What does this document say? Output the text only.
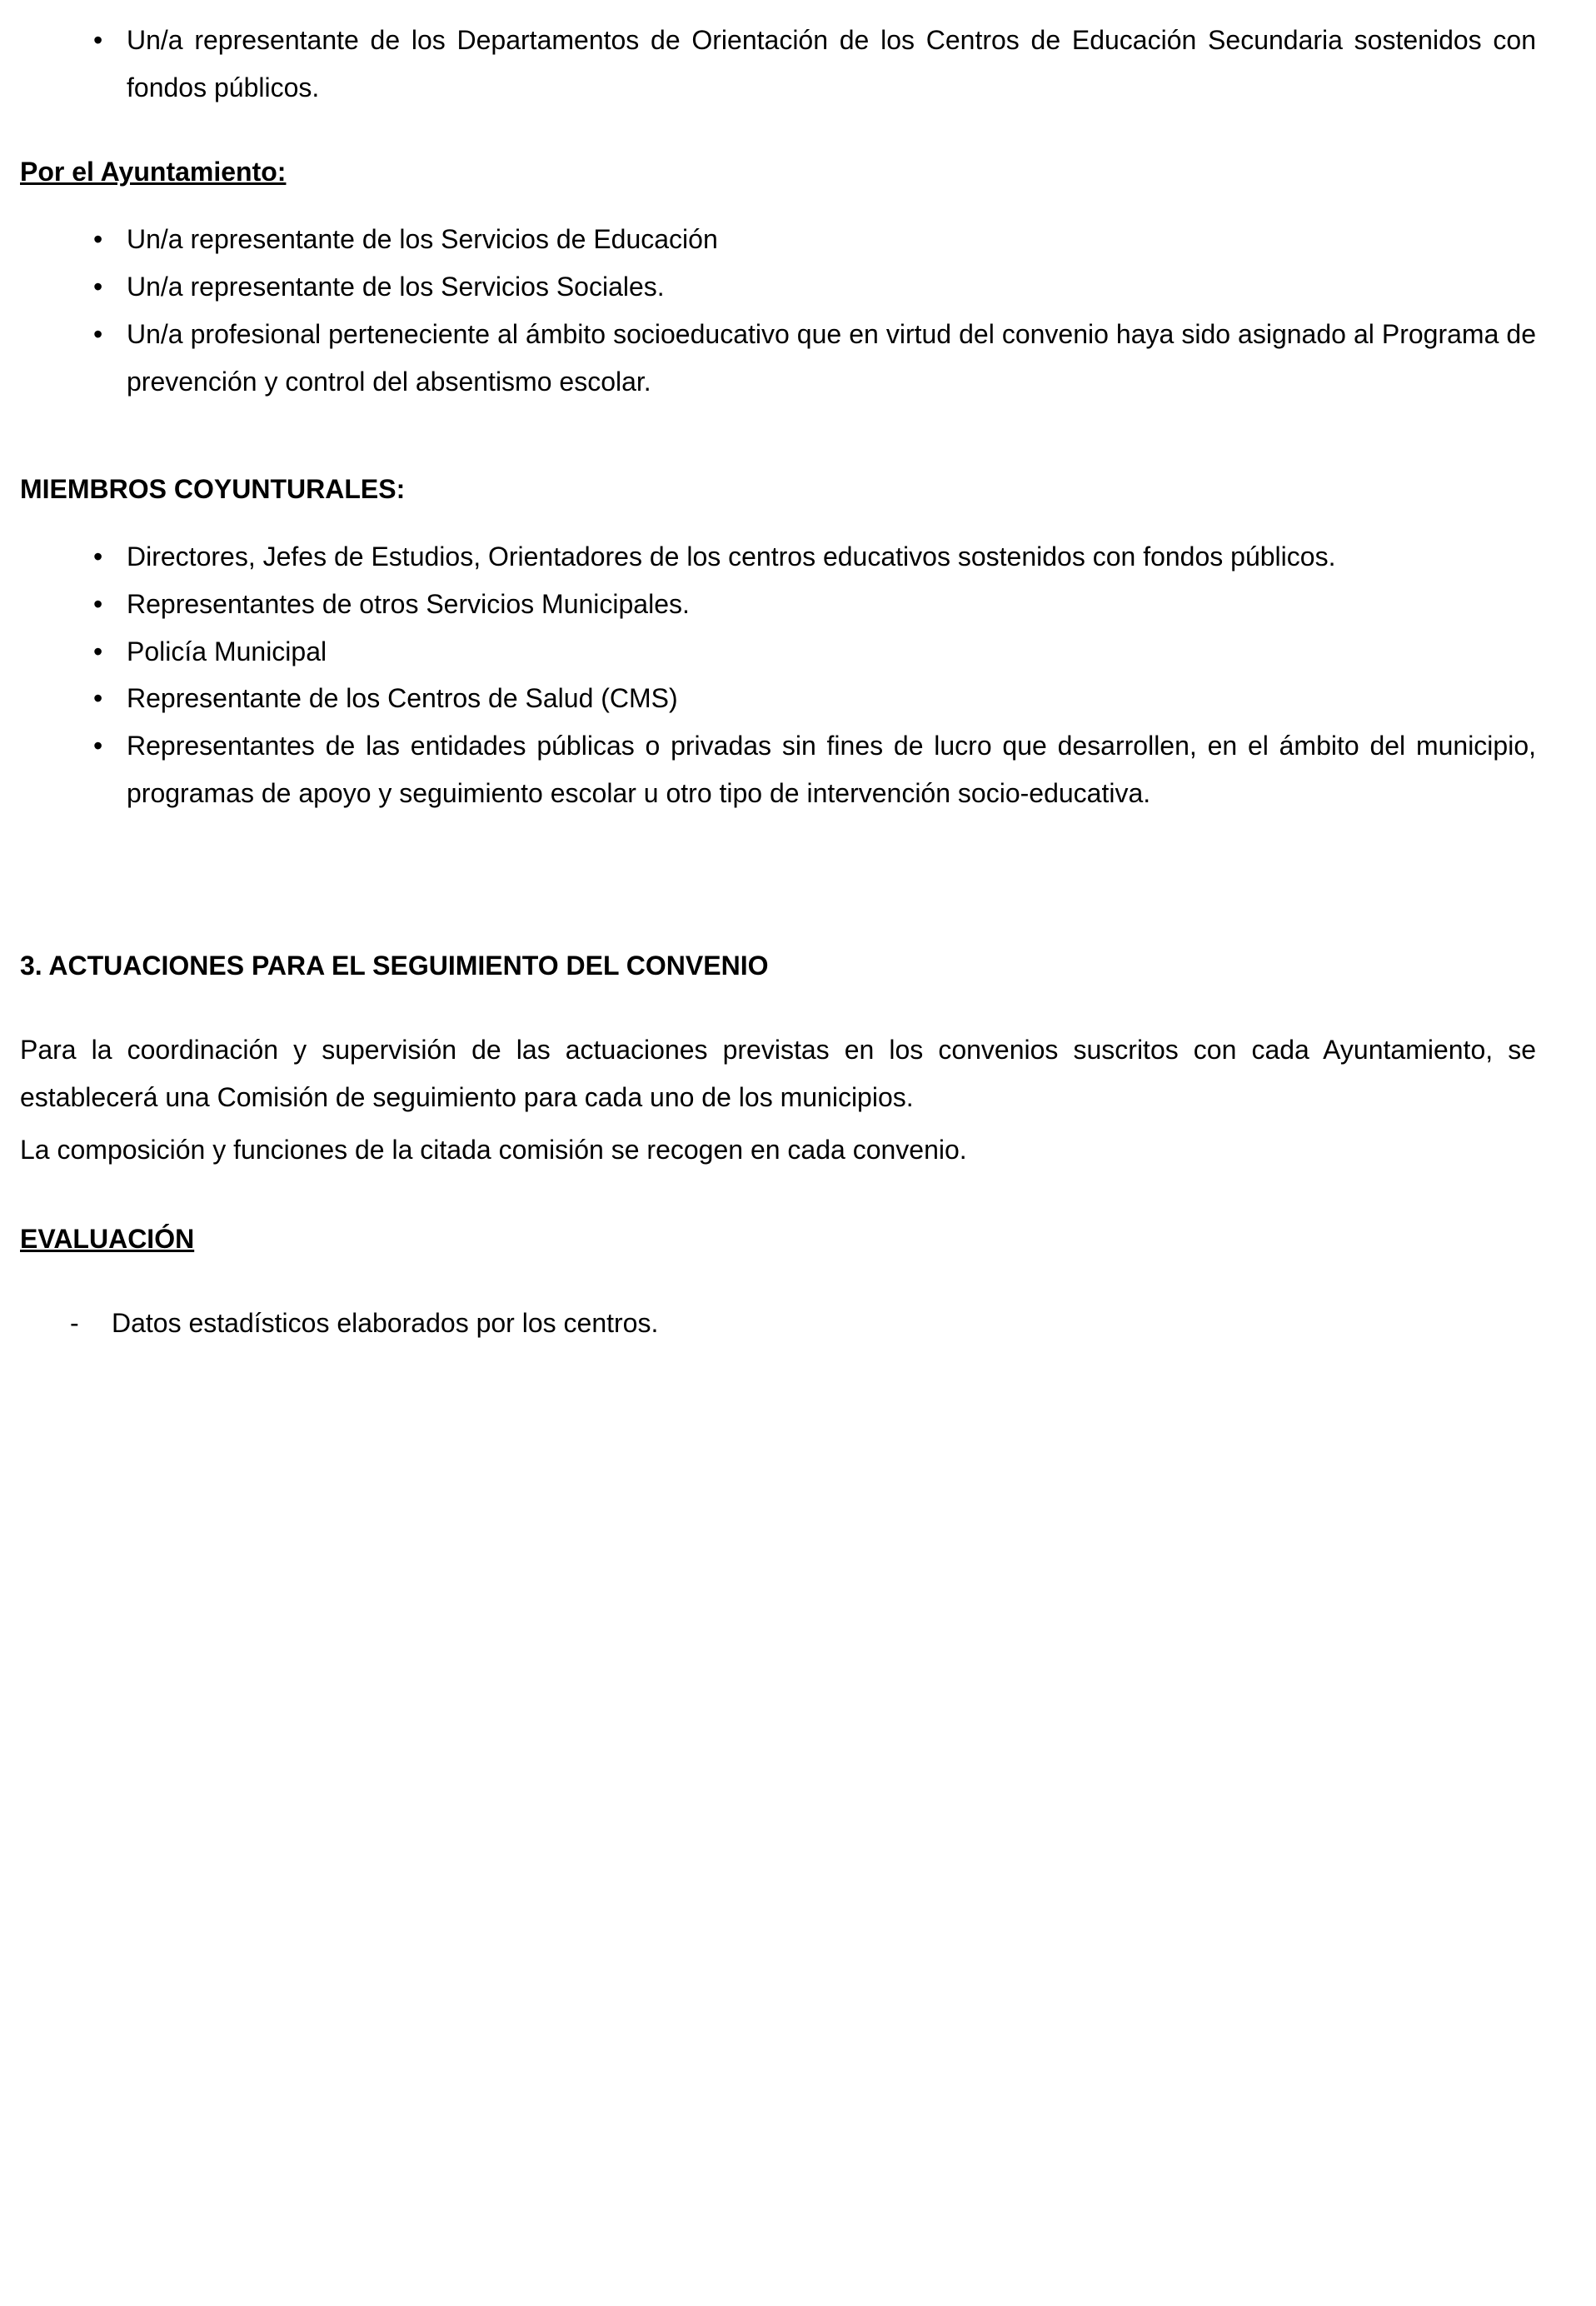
• Un/a representante de los Departamentos de Orientación de los Centros de Educación Secundaria sostenidos con fondos públicos.

Por el Ayuntamiento:

• Un/a representante de los Servicios de Educación
• Un/a representante de los Servicios Sociales.
• Un/a profesional perteneciente al ámbito socioeducativo que en virtud del convenio haya sido asignado al Programa de prevención y control del absentismo escolar.

MIEMBROS COYUNTURALES:

• Directores, Jefes de Estudios, Orientadores de los centros educativos sostenidos con fondos públicos.
• Representantes de otros Servicios Municipales.
• Policía Municipal
• Representante de los Centros de Salud (CMS)
• Representantes de las entidades públicas o privadas sin fines de lucro que desarrollen, en el ámbito del municipio, programas de apoyo y seguimiento escolar u otro tipo de intervención socio-educativa.

3. ACTUACIONES PARA EL SEGUIMIENTO DEL CONVENIO

Para la coordinación y supervisión de las actuaciones previstas en los convenios suscritos con cada Ayuntamiento, se establecerá una Comisión de seguimiento para cada uno de los municipios.

La composición y funciones de la citada comisión se recogen en cada convenio.

EVALUACIÓN

- Datos estadísticos elaborados por los centros.
